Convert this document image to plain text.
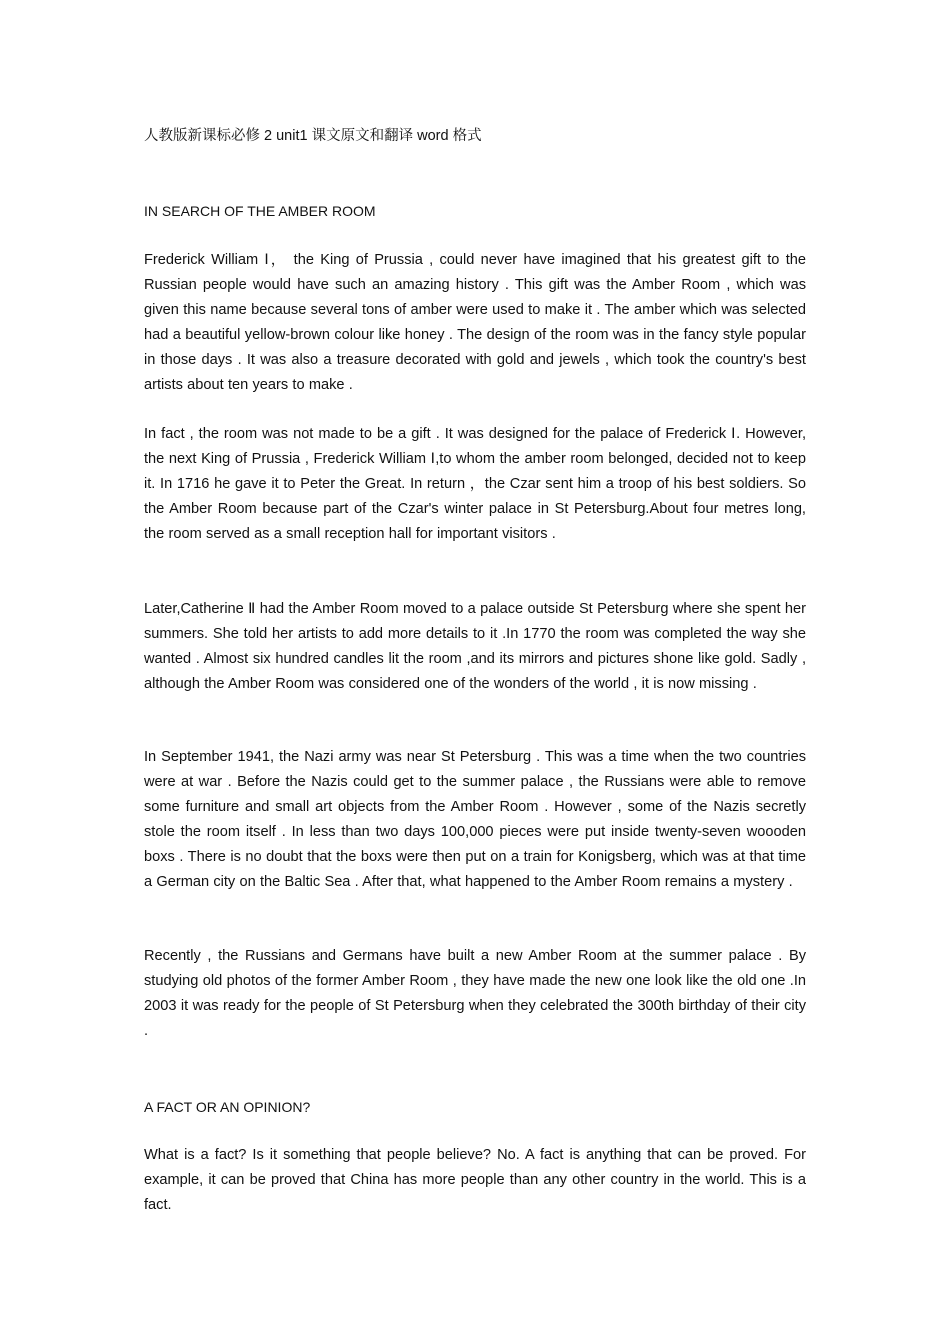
人教版新课标必修 2 unit1 课文原文和翻译 word 格式
IN SEARCH OF THE AMBER ROOM

Frederick William Ⅰ， the King of Prussia , could never have imagined that his greatest gift to the Russian people would have such an amazing history . This gift was the Amber Room , which was given this name because several tons of amber were used to make it . The amber which was selected had a beautiful yellow-brown colour like honey . The design of the room was in the fancy style popular in those days . It was also a treasure decorated with gold and jewels , which took the country's best artists about ten years to make .

In fact , the room was not made to be a gift . It was designed for the palace of Frederick Ⅰ. However, the next King of Prussia , Frederick William Ⅰ,to whom the amber room belonged, decided not to keep it. In 1716 he gave it to Peter the Great. In return ，the Czar sent him a troop of his best soldiers. So the Amber Room because part of the Czar's winter palace in St Petersburg.About four metres long, the room served as a small reception hall for important visitors .

Later,Catherine Ⅱ had the Amber Room moved to a palace outside St Petersburg where she spent her summers. She told her artists to add more details to it .In 1770 the room was completed the way she wanted . Almost six hundred candles lit the room ,and its mirrors and pictures shone like gold. Sadly , although the Amber Room was considered one of the wonders of the world , it is now missing .

In September 1941, the Nazi army was near St Petersburg . This was a time when the two countries were at war . Before the Nazis could get to the summer palace , the Russians were able to remove some furniture and small art objects from the Amber Room . However , some of the Nazis secretly stole the room itself . In less than two days 100,000 pieces were put inside twenty-seven woooden boxs . There is no doubt that the boxs were then put on a train for Konigsberg, which was at that time a German city on the Baltic Sea . After that, what happened to the Amber Room remains a mystery .

Recently , the Russians and Germans have built a new Amber Room at the summer palace . By studying old photos of the former Amber Room , they have made the new one look like the old one .In 2003 it was ready for the people of St Petersburg when they celebrated the 300th birthday of their city .

A FACT OR AN OPINION?

What is a fact? Is it something that people believe? No. A fact is anything that can be proved. For example, it can be proved that China has more people than any other country in the world. This is a fact.
